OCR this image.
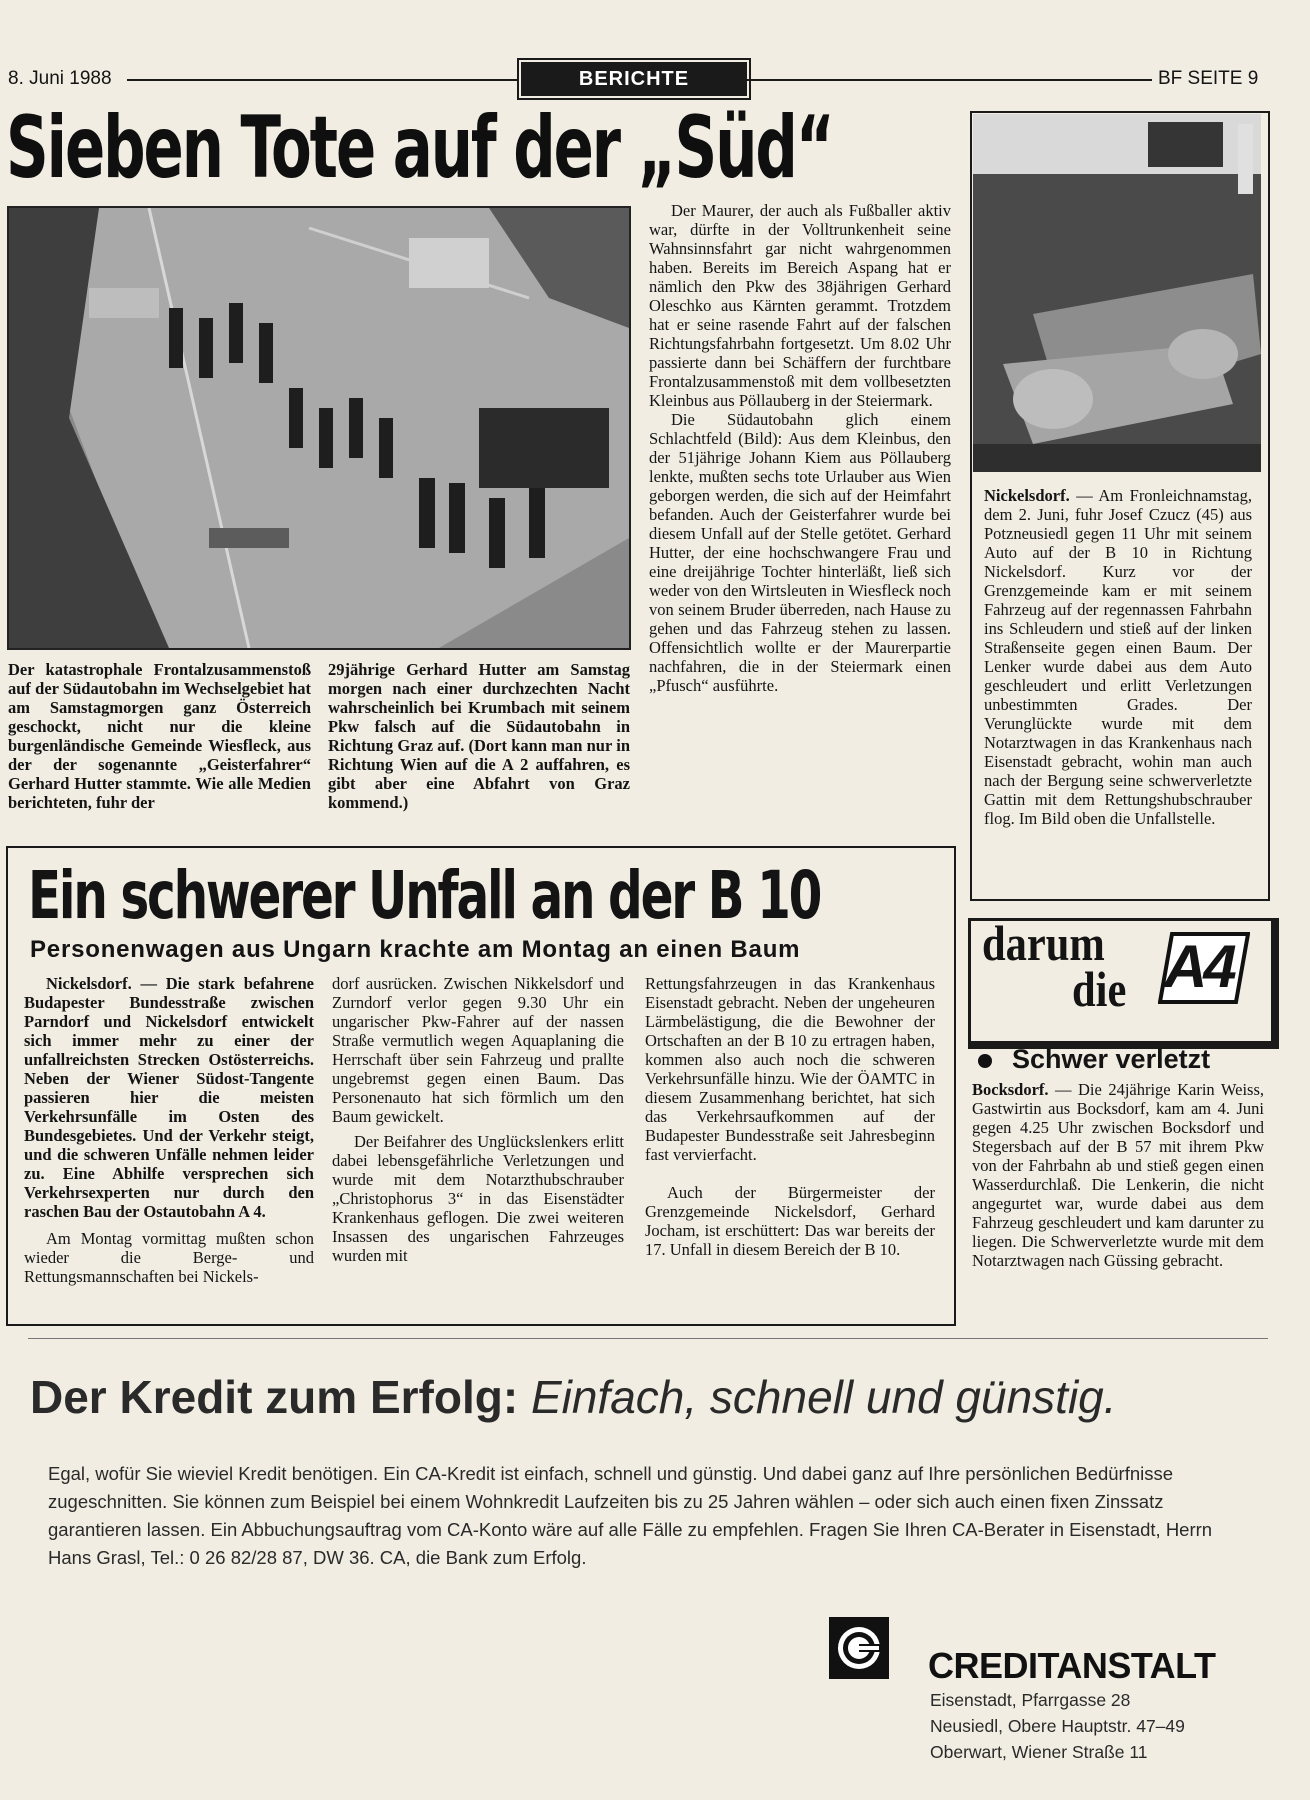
8. Juni 1988	BERICHTE	BF SEITE 9
Sieben Tote auf der „Süd“
Der katastrophale Frontalzusammenstoß auf der Südautobahn im Wechselgebiet hat am Samstagmorgen ganz Österreich geschockt, nicht nur die kleine burgenländische Gemeinde Wiesfleck, aus der der sogenannte „Geisterfahrer“ Gerhard Hutter stammte. Wie alle Medien berichteten, fuhr der
29jährige Gerhard Hutter am Samstag morgen nach einer durchzechten Nacht wahrscheinlich bei Krumbach mit seinem Pkw falsch auf die Südautobahn in Richtung Graz auf. (Dort kann man nur in Richtung Wien auf die A 2 auffahren, es gibt aber eine Abfahrt von Graz kommend.)

Der Maurer, der auch als Fußballer aktiv war, dürfte in der Volltrunkenheit seine Wahnsinnsfahrt gar nicht wahrgenommen haben. Bereits im Bereich Aspang hat er nämlich den Pkw des 38jährigen Gerhard Oleschko aus Kärnten gerammt. Trotzdem hat er seine rasende Fahrt auf der falschen Richtungsfahrbahn fortgesetzt. Um 8.02 Uhr passierte dann bei Schäffern der furchtbare Frontalzusammenstoß mit dem vollbesetzten Kleinbus aus Pöllauberg in der Steiermark.

Die Südautobahn glich einem Schlachtfeld (Bild): Aus dem Kleinbus, den der 51jährige Johann Kiem aus Pöllauberg lenkte, mußten sechs tote Urlauber aus Wien geborgen werden, die sich auf der Heimfahrt befanden. Auch der Geisterfahrer wurde bei diesem Unfall auf der Stelle getötet. Gerhard Hutter, der eine hochschwangere Frau und eine dreijährige Tochter hinterläßt, ließ sich weder von den Wirtsleuten in Wiesfleck noch von seinem Bruder überreden, nach Hause zu gehen und das Fahrzeug stehen zu lassen. Offensichtlich wollte er der Maurerpartie nachfahren, die in der Steiermark einen „Pfusch“ ausführte.

Nickelsdorf. — Am Fronleichnamstag, dem 2. Juni, fuhr Josef Czucz (45) aus Potzneusiedl gegen 11 Uhr mit seinem Auto auf der B 10 in Richtung Nickelsdorf. Kurz vor der Grenzgemeinde kam er mit seinem Fahrzeug auf der regennassen Fahrbahn ins Schleudern und stieß auf der linken Straßenseite gegen einen Baum. Der Lenker wurde dabei aus dem Auto geschleudert und erlitt Verletzungen unbestimmten Grades. Der Verunglückte wurde mit dem Notarztwagen in das Krankenhaus nach Eisenstadt gebracht, wohin man auch nach der Bergung seine schwerverletzte Gattin mit dem Rettungshubschrauber flog. Im Bild oben die Unfallstelle.
Ein schwerer Unfall an der B 10
Personenwagen aus Ungarn krachte am Montag an einen Baum

Nickelsdorf. — Die stark befahrene Budapester Bundesstraße zwischen Parndorf und Nickelsdorf entwickelt sich immer mehr zu einer der unfallreichsten Strecken Ostösterreichs. Neben der Wiener Südost-Tangente passieren hier die meisten Verkehrsunfälle im Osten des Bundesgebietes. Und der Verkehr steigt, und die schweren Unfälle nehmen leider zu. Eine Abhilfe versprechen sich Verkehrsexperten nur durch den raschen Bau der Ostautobahn A 4.

Am Montag vormittag mußten schon wieder die Berge- und Rettungsmannschaften bei Nickels-

dorf ausrücken. Zwischen Nikkelsdorf und Zurndorf verlor gegen 9.30 Uhr ein ungarischer Pkw-Fahrer auf der nassen Straße vermutlich wegen Aquaplaning die Herrschaft über sein Fahrzeug und prallte ungebremst gegen einen Baum. Das Personenauto hat sich förmlich um den Baum gewickelt.

Der Beifahrer des Unglückslenkers erlitt dabei lebensgefährliche Verletzungen und wurde mit dem Notarzthubschrauber „Christophorus 3“ in das Eisenstädter Krankenhaus geflogen. Die zwei weiteren Insassen des ungarischen Fahrzeuges wurden mit

Rettungsfahrzeugen in das Krankenhaus Eisenstadt gebracht. Neben der ungeheuren Lärmbelästigung, die die Bewohner der Ortschaften an der B 10 zu ertragen haben, kommen also auch noch die schweren Verkehrsunfälle hinzu. Wie der ÖAMTC in diesem Zusammenhang berichtet, hat sich das Verkehrsaufkommen auf der Budapester Bundesstraße seit Jahresbeginn fast vervierfacht.

Auch der Bürgermeister der Grenzgemeinde Nickelsdorf, Gerhard Jocham, ist erschüttert: Das war bereits der 17. Unfall in diesem Bereich der B 10.

darum
die A4
Schwer verletzt
Bocksdorf. — Die 24jährige Karin Weiss, Gastwirtin aus Bocksdorf, kam am 4. Juni gegen 4.25 Uhr zwischen Bocksdorf und Stegersbach auf der B 57 mit ihrem Pkw von der Fahrbahn ab und stieß gegen einen Wasserdurchlaß. Die Lenkerin, die nicht angegurtet war, wurde dabei aus dem Fahrzeug geschleudert und kam darunter zu liegen. Die Schwerverletzte wurde mit dem Notarztwagen nach Güssing gebracht.
Der Kredit zum Erfolg: Einfach, schnell und günstig.
Egal, wofür Sie wieviel Kredit benötigen. Ein CA-Kredit ist einfach, schnell und günstig. Und dabei ganz auf Ihre persönlichen Bedürfnisse zugeschnitten. Sie können zum Beispiel bei einem Wohnkredit Laufzeiten bis zu 25 Jahren wählen – oder sich auch einen fixen Zinssatz garantieren lassen. Ein Abbuchungsauftrag vom CA-Konto wäre auf alle Fälle zu empfehlen. Fragen Sie Ihren CA-Berater in Eisenstadt, Herrn Hans Grasl, Tel.: 0 26 82/28 87, DW 36. CA, die Bank zum Erfolg.
CREDITANSTALT
Eisenstadt, Pfarrgasse 28
Neusiedl, Obere Hauptstr. 47–49
Oberwart, Wiener Straße 11
